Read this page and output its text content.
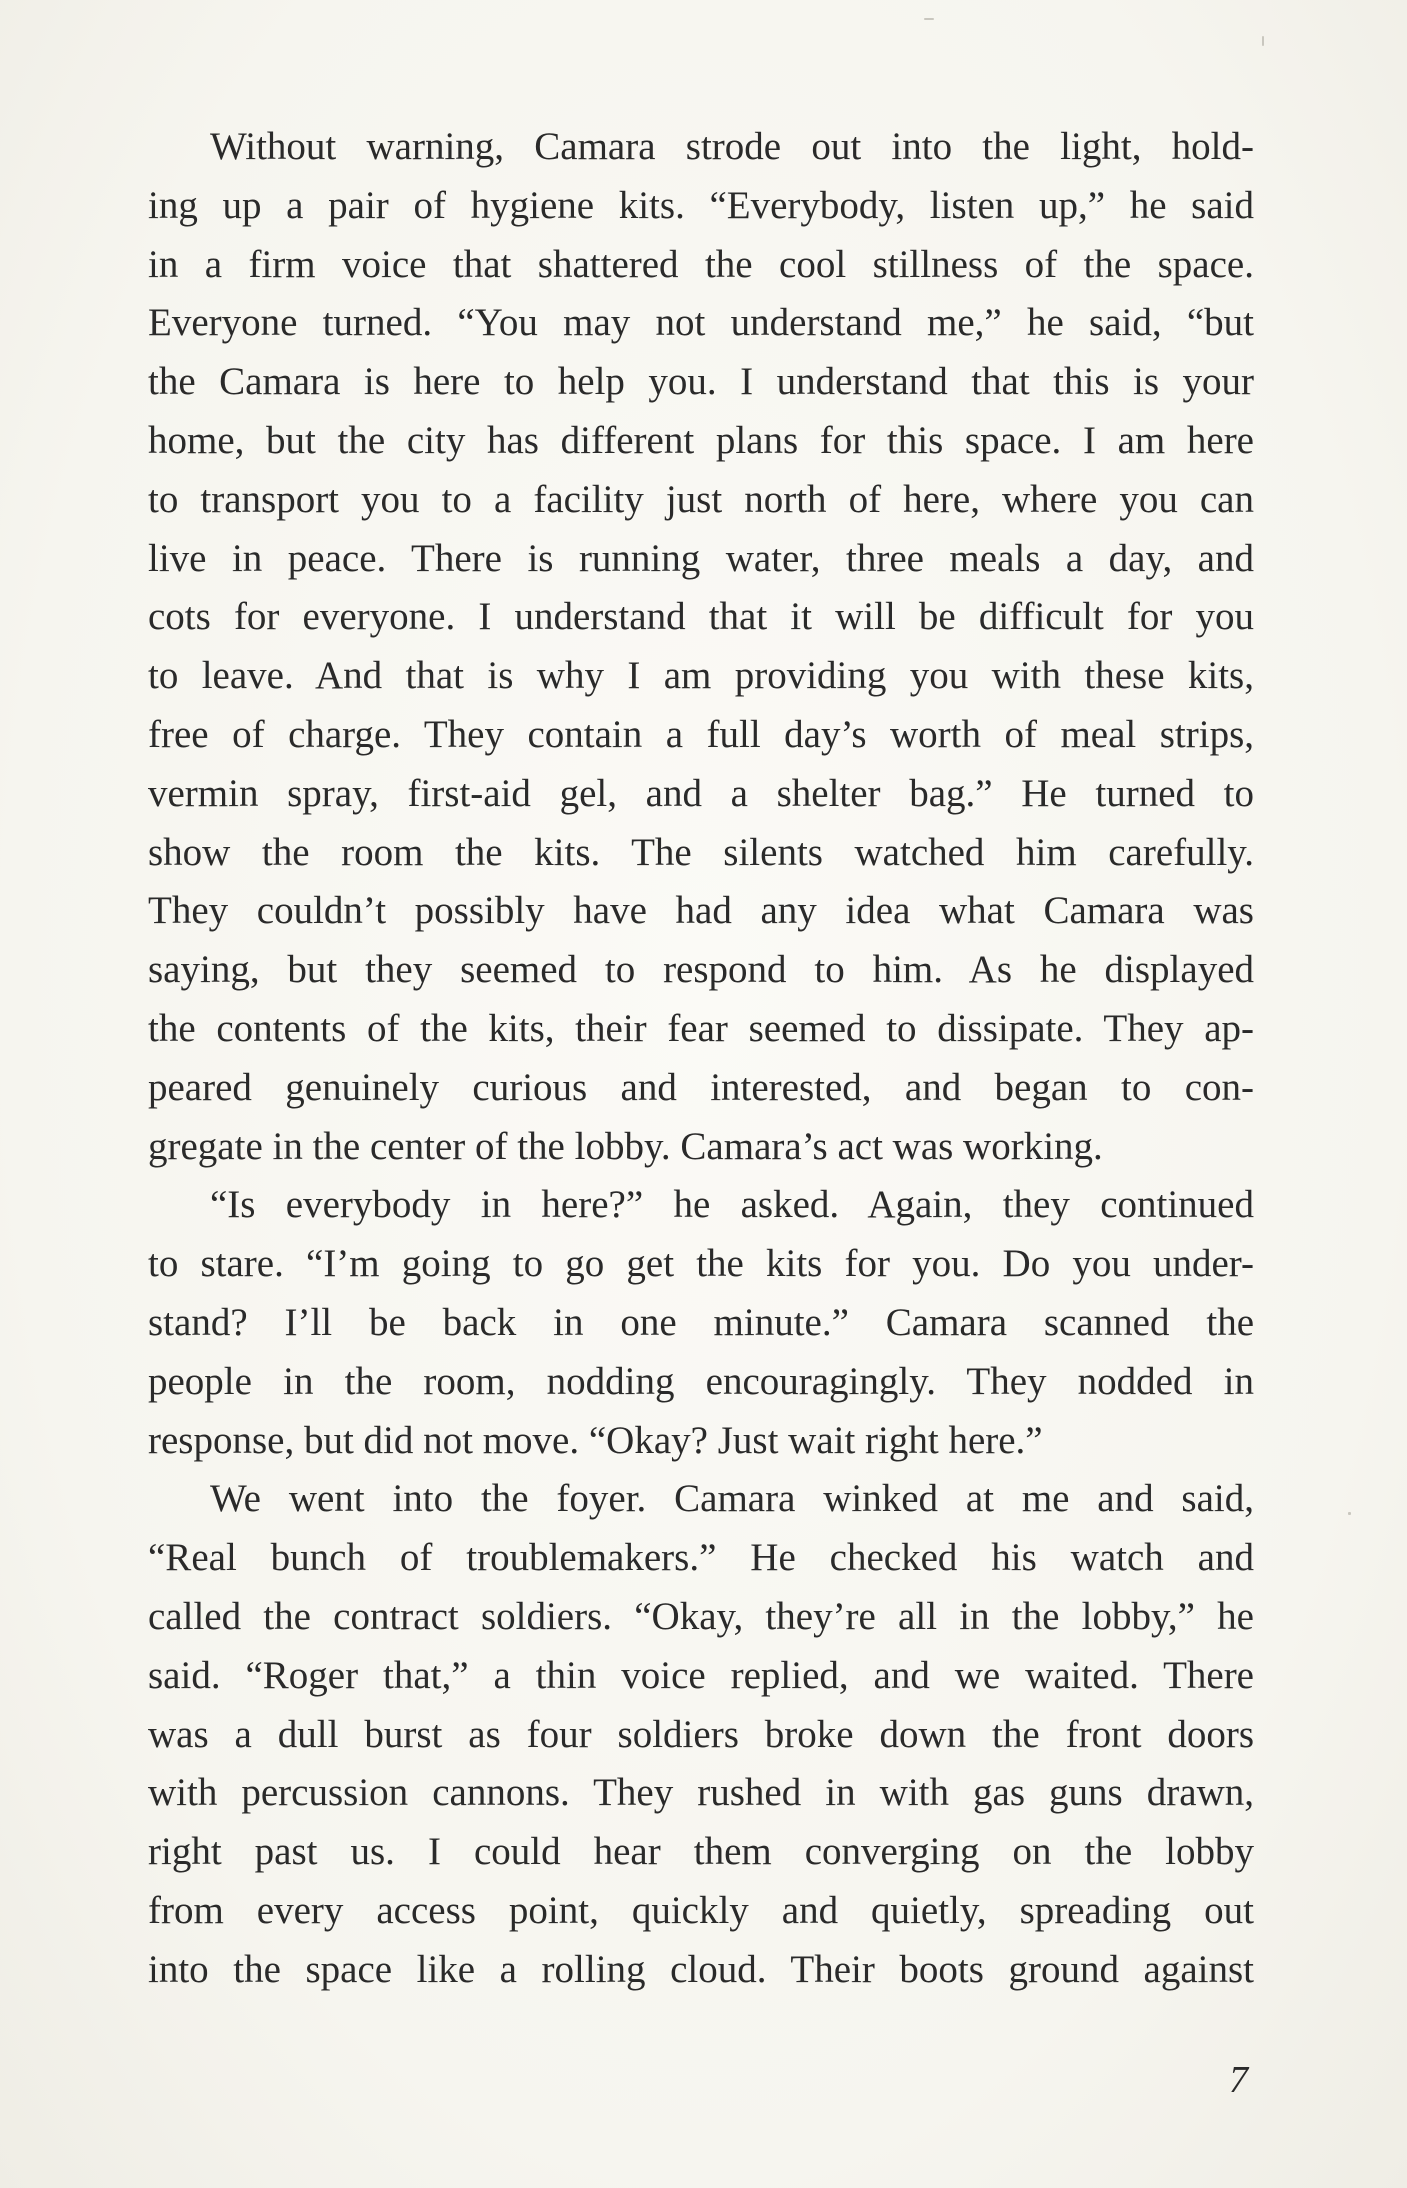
Without warning, Camara strode out into the light, hold-
ing up a pair of hygiene kits. “Everybody, listen up,” he said
in a firm voice that shattered the cool stillness of the space.
Everyone turned. “You may not understand me,” he said, “but
the Camara is here to help you. I understand that this is your
home, but the city has different plans for this space. I am here
to transport you to a facility just north of here, where you can
live in peace. There is running water, three meals a day, and
cots for everyone. I understand that it will be difficult for you
to leave. And that is why I am providing you with these kits,
free of charge. They contain a full day’s worth of meal strips,
vermin spray, first-aid gel, and a shelter bag.” He turned to
show the room the kits. The silents watched him carefully.
They couldn’t possibly have had any idea what Camara was
saying, but they seemed to respond to him. As he displayed
the contents of the kits, their fear seemed to dissipate. They ap-
peared genuinely curious and interested, and began to con-
gregate in the center of the lobby. Camara’s act was working.
“Is everybody in here?” he asked. Again, they continued
to stare. “I’m going to go get the kits for you. Do you under-
stand? I’ll be back in one minute.” Camara scanned the
people in the room, nodding encouragingly. They nodded in
response, but did not move. “Okay? Just wait right here.”
We went into the foyer. Camara winked at me and said,
“Real bunch of troublemakers.” He checked his watch and
called the contract soldiers. “Okay, they’re all in the lobby,” he
said. “Roger that,” a thin voice replied, and we waited. There
was a dull burst as four soldiers broke down the front doors
with percussion cannons. They rushed in with gas guns drawn,
right past us. I could hear them converging on the lobby
from every access point, quickly and quietly, spreading out
into the space like a rolling cloud. Their boots ground against
7
